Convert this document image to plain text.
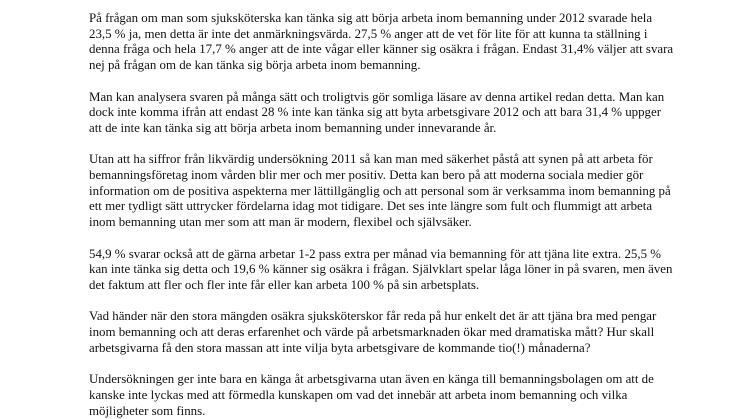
På frågan om man som sjuksköterska kan tänka sig att börja arbeta inom bemanning under 2012 svarade hela 23,5 % ja, men detta är inte det anmärkningsvärda. 27,5 % anger att de vet för lite för att kunna ta ställning i denna fråga och hela 17,7 % anger att de inte vågar eller känner sig osäkra i frågan. Endast 31,4% väljer att svara nej på frågan om de kan tänka sig börja arbeta inom bemanning.

Man kan analysera svaren på många sätt och troligtvis gör somliga läsare av denna artikel redan detta. Man kan dock inte komma ifrån att endast 28 % inte kan tänka sig att byta arbetsgivare 2012 och att bara 31,4 % uppger att de inte kan tänka sig att börja arbeta inom bemanning under innevarande år.

Utan att ha siffror från likvärdig undersökning 2011 så kan man med säkerhet påstå att synen på att arbeta för bemanningsföretag inom vården blir mer och mer positiv. Detta kan bero på att moderna sociala medier gör information om de positiva aspekterna mer lättillgänglig och att personal som är verksamma inom bemanning på ett mer tydligt sätt uttrycker fördelarna idag mot tidigare. Det ses inte längre som fult och flummigt att arbeta inom bemanning utan mer som att man är modern, flexibel och självsäker.

54,9 % svarar också att de gärna arbetar 1-2 pass extra per månad via bemanning för att tjäna lite extra. 25,5 % kan inte tänka sig detta och 19,6 % känner sig osäkra i frågan. Självklart spelar låga löner in på svaren, men även det faktum att fler och fler inte får eller kan arbeta 100 % på sin arbetsplats.

Vad händer när den stora mängden osäkra sjuksköterskor får reda på hur enkelt det är att tjäna bra med pengar inom bemanning och att deras erfarenhet och värde på arbetsmarknaden ökar med dramatiska mått? Hur skall arbetsgivarna få den stora massan att inte vilja byta arbetsgivare de kommande tio(!) månaderna?

Undersökningen ger inte bara en känga åt arbetsgivarna utan även en känga till bemanningsbolagen om att de kanske inte lyckas med att förmedla kunskapen om vad det innebär att arbeta inom bemanning och vilka möjligheter som finns.
